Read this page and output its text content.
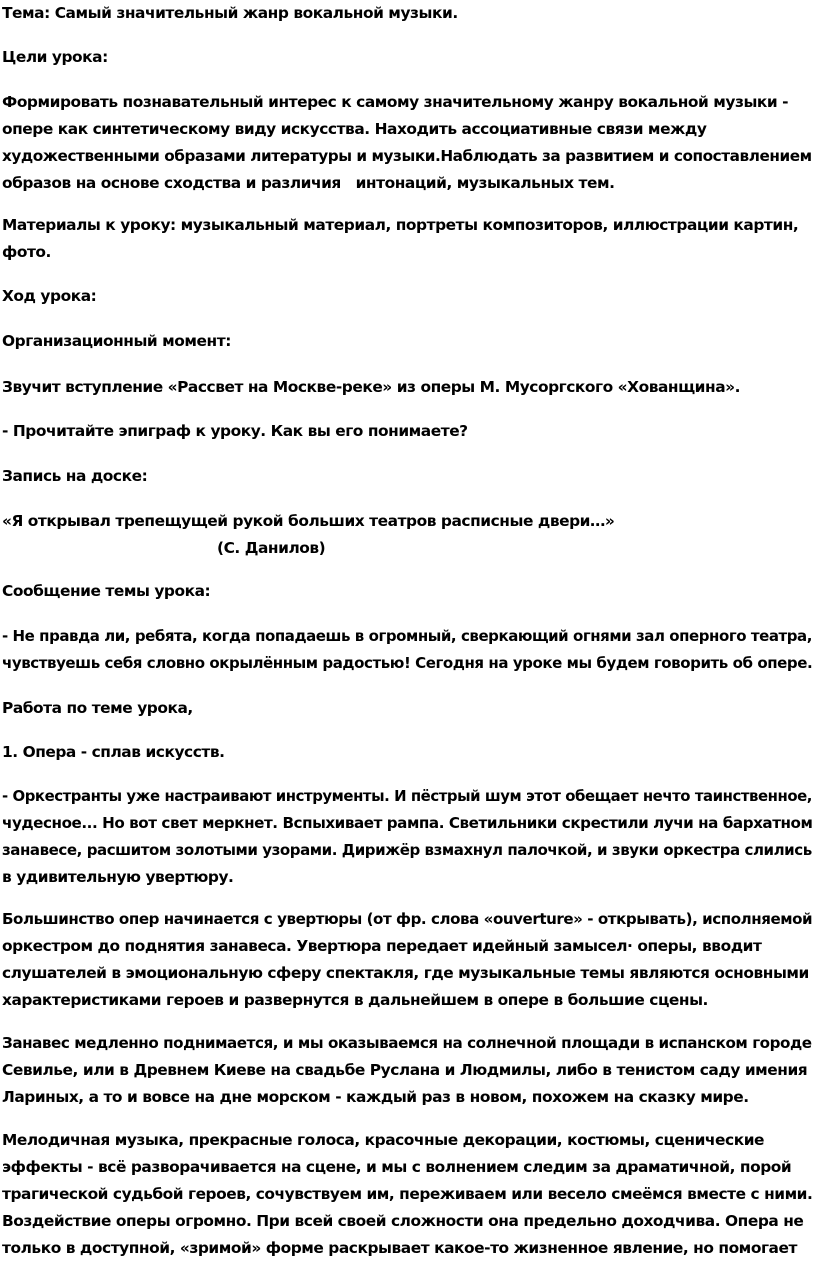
Тема: Самый значительный жанр вокальной музыки.

Цели урока:

Формировать познавательный интерес к самому значительному жанру вокальной музыки -
опере как синтетическому виду искусства. Находить ассоциативные связи между
художественными образами литературы и музыки.Наблюдать за развитием и сопоставлением
образов на основе сходства и различия   интонаций, музыкальных тем.

Материалы к уроку: музыкальный материал, портреты композиторов, иллюстрации картин,
фото.

Ход урока:

Организационный момент:

Звучит вступление «Рассвет на Москве-реке» из оперы М. Мусоргского «Хованщина».

- Прочитайте эпиграф к уроку. Как вы его понимаете?

Запись на доске:

«Я открывал трепещущей рукой больших театров расписные двери…»
(С. Данилов)

Сообщение темы урока:

- Не правда ли, ребята, когда попадаешь в огромный, сверкающий огнями зал оперного театра,
чувствуешь себя словно окрылённым радостью! Сегодня на уроке мы будем говорить об опере.

Работа по теме урока,

1. Опера - сплав искусств.

- Оркестранты уже настраивают инструменты. И пёстрый шум этот обещает нечто таинственное,
чудесное... Но вот свет меркнет. Вспыхивает рампа. Светильники скрестили лучи на бархатном
занавесе, расшитом золотыми узорами. Дирижёр взмахнул палочкой, и звуки оркестра слились
в удивительную увертюру.

Большинство опер начинается с увертюры (от фр. слова «ouverture» - открывать), исполняемой
оркестром до поднятия занавеса. Увертюра передает идейный замысел· оперы, вводит
слушателей в эмоциональную сферу спектакля, где музыкальные темы являются основными
характеристиками героев и развернутся в дальнейшем в опере в большие сцены.

Занавес медленно поднимается, и мы оказываемся на солнечной площади в испанском городе
Севилье, или в Древнем Киеве на свадьбе Руслана и Людмилы, либо в тенистом саду имения
Лариных, а то и вовсе на дне морском - каждый раз в новом, похожем на сказку мире.

Мелодичная музыка, прекрасные голоса, красочные декорации, костюмы, сценические
эффекты - всё разворачивается на сцене, и мы с волнением следим за драматичной, порой
трагической судьбой героев, сочувствуем им, переживаем или весело смеёмся вместе с ними.
Воздействие оперы огромно. При всей своей сложности она предельно доходчива. Опера не
только в доступной, «зримой» форме раскрывает какое-то жизненное явление, но помогает
